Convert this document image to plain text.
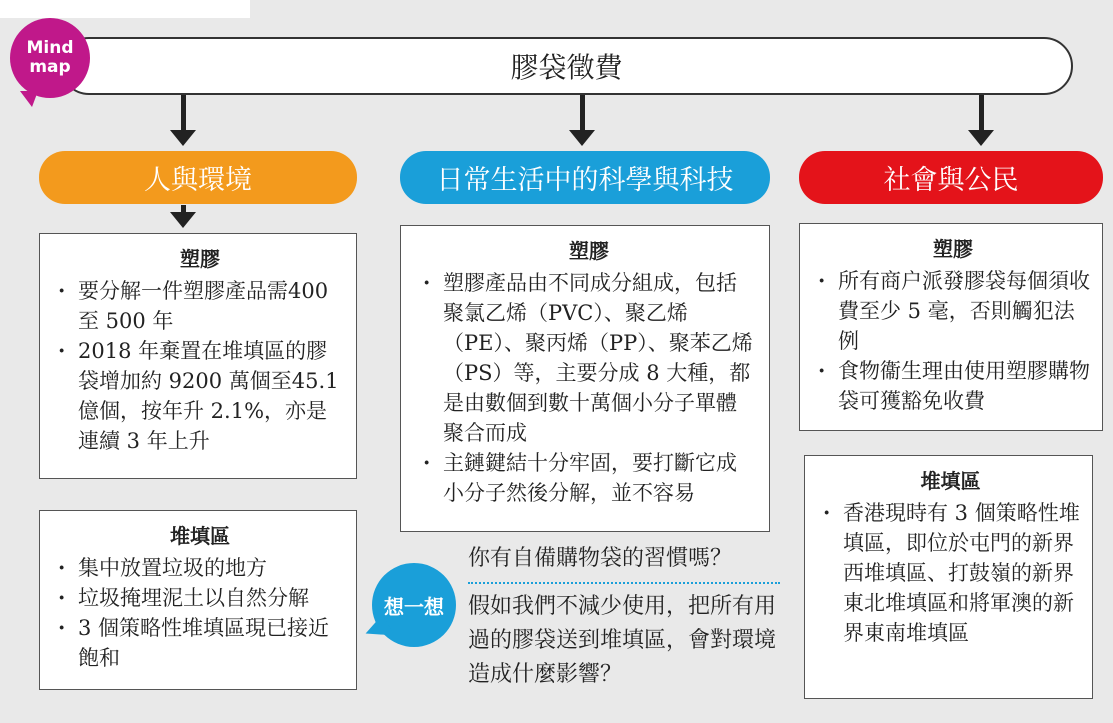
Mind
map	膠袋徵費
人與環境	日常生活中的科學與科技	社會與公民
塑膠
· 要分解一件塑膠產品需400 至 500 年
· 2018 年棄置在堆填區的膠袋增加約 9200 萬個至45.1 億個，按年升 2.1%，亦是連續 3 年上升
堆填區
· 集中放置垃圾的地方
· 垃圾掩埋泥土以自然分解
· 3 個策略性堆填區現已接近飽和
塑膠
· 塑膠產品由不同成分組成，包括聚氯乙烯（PVC）、聚乙烯（PE）、聚丙烯（PP）、聚苯乙烯（PS）等，主要分成 8 大種，都是由數個到數十萬個小分子單體聚合而成
· 主鏈鍵結十分牢固，要打斷它成小分子然後分解，並不容易
塑膠
· 所有商户派發膠袋每個須收費至少 5 毫，否則觸犯法例
· 食物衞生理由使用塑膠購物袋可獲豁免收費
堆填區
· 香港現時有 3 個策略性堆填區，即位於屯門的新界西堆填區、打鼓嶺的新界東北堆填區和將軍澳的新界東南堆填區
想一想
你有自備購物袋的習慣嗎？
假如我們不減少使用，把所有用過的膠袋送到堆填區，會對環境造成什麼影響？
